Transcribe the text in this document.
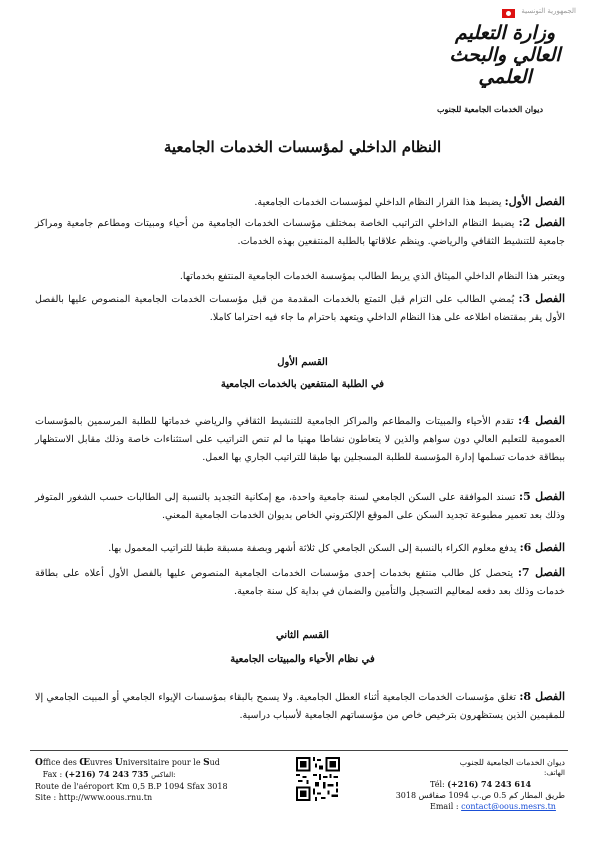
الجمهورية التونسية
وزارة التعليم العالي والبحث العلمي
ديوان الخدمات الجامعية للجنوب
النظام الداخلي لمؤسسات الخدمات الجامعية
الفصل الأول: يضبط هذا القرار النظام الداخلي لمؤسسات الخدمات الجامعية.
الفصل 2: يضبط النظام الداخلي التراتيب الخاصة بمختلف مؤسسات الخدمات الجامعية من أحياء ومبيتات ومطاعم جامعية ومراكز جامعية للتنشيط الثقافي والرياضي. وينظم علاقاتها بالطلبة المنتفعين بهذه الخدمات.
ويعتبر هذا النظام الداخلي الميثاق الذي يربط الطالب بمؤسسة الخدمات الجامعية المنتفع بخدماتها.
الفصل 3: يُمضي الطالب على التزام قبل التمتع بالخدمات المقدمة من قبل مؤسسات الخدمات الجامعية المنصوص عليها بالفصل الأول يقر بمقتضاه اطلاعه على هذا النظام الداخلي ويتعهد باحترام ما جاء فيه احتراما كاملا.
القسم الأول
في الطلبة المنتفعين بالخدمات الجامعية
الفصل 4: تقدم الأحياء والمبيتات والمطاعم والمراكز الجامعية للتنشيط الثقافي والرياضي خدماتها للطلبة المرسمين بالمؤسسات العمومية للتعليم العالي دون سواهم والذين لا يتعاطون نشاطا مهنيا ما لم تنص التراتيب على استثناءات خاصة وذلك مقابل الاستظهار ببطاقة خدمات تسلمها إدارة المؤسسة للطلبة المسجلين بها طبقا للتراتيب الجاري بها العمل.
الفصل 5: تسند الموافقة على السكن الجامعي لسنة جامعية واحدة، مع إمكانية التجديد بالنسبة إلى الطالبات حسب الشغور المتوفر وذلك بعد تعمير مطبوعة تجديد السكن على الموقع الإلكتروني الخاص بديوان الخدمات الجامعية المعني.
الفصل 6: يدفع معلوم الكراء بالنسبة إلى السكن الجامعي كل ثلاثة أشهر وبصفة مسبقة طبقا للتراتيب المعمول بها.
الفصل 7: يتحصل كل طالب منتفع بخدمات إحدى مؤسسات الخدمات الجامعية المنصوص عليها بالفصل الأول أعلاه على بطاقة خدمات وذلك بعد دفعه لمعاليم التسجيل والتأمين والضمان في بداية كل سنة جامعية.
القسم الثاني
في نظام الأحياء والمبيتات الجامعية
الفصل 8: تغلق مؤسسات الخدمات الجامعية أثناء العطل الجامعية. ولا يسمح بالبقاء بمؤسسات الإيواء الجامعي أو المبيت الجامعي إلا للمقيمين الذين يستظهرون بترخيص خاص من مؤسساتهم الجامعية لأسباب دراسية.
Office des Œuvres Universitaire pour le Sud
Fax : (+216) 74 243 735 الفاكس:
Route de l'aéroport Km 0,5 B.P 1094 Sfax 3018
Site : http://www.oous.rnu.tn
ديوان الخدمات الجامعية للجنوب
الهاتف:
Tél: (+216) 74 243 614
طريق المطار كم 0.5 ص.ب 1094 صفاقس 3018
Email : contact@oous.mesrs.tn
